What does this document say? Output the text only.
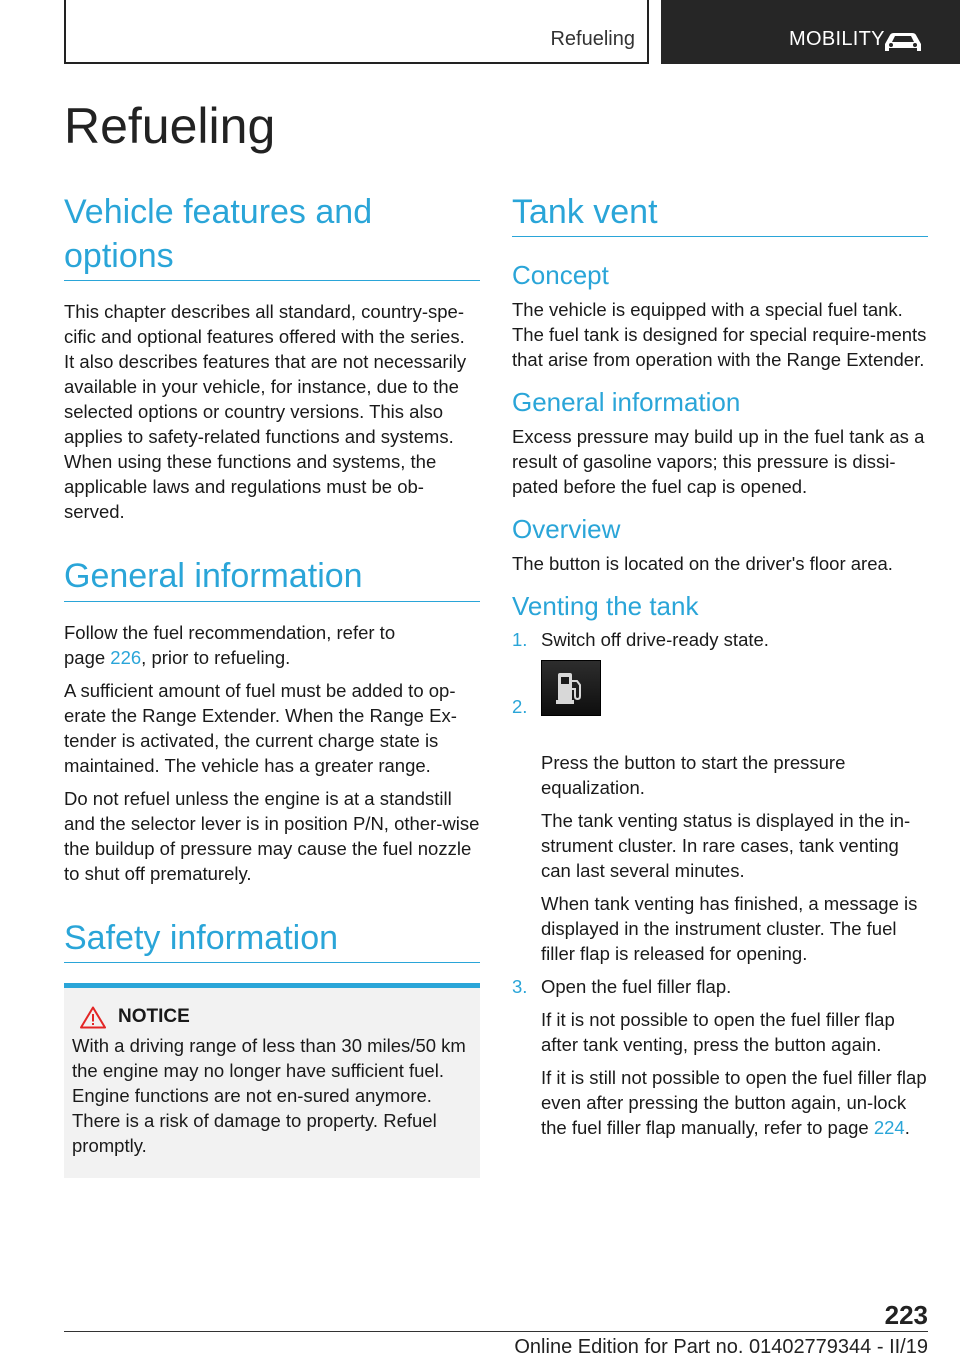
Refueling	MOBILITY
Refueling
Vehicle features and options

This chapter describes all standard, country-spe-cific and optional features offered with the series. It also describes features that are not necessarily available in your vehicle, for instance, due to the selected options or country versions. This also applies to safety-related functions and systems. When using these functions and systems, the applicable laws and regulations must be ob-served.

General information

Follow the fuel recommendation, refer to page 226, prior to refueling.

A sufficient amount of fuel must be added to op-erate the Range Extender. When the Range Ex-tender is activated, the current charge state is maintained. The vehicle has a greater range.

Do not refuel unless the engine is at a standstill and the selector lever is in position P/N, other-wise the buildup of pressure may cause the fuel nozzle to shut off prematurely.

Safety information
NOTICE

With a driving range of less than 30 miles/50 km the engine may no longer have sufficient fuel. Engine functions are not en-sured anymore. There is a risk of damage to property. Refuel promptly.

Tank vent
Concept

The vehicle is equipped with a special fuel tank. The fuel tank is designed for special require-ments that arise from operation with the Range Extender.

General information

Excess pressure may build up in the fuel tank as a result of gasoline vapors; this pressure is dissi-pated before the fuel cap is opened.

Overview

The button is located on the driver's floor area.

Venting the tank
1. Switch off drive-ready state.

2.

Press the button to start the pressure equalization.

The tank venting status is displayed in the in-strument cluster. In rare cases, tank venting can last several minutes.

When tank venting has finished, a message is displayed in the instrument cluster. The fuel filler flap is released for opening.

3. Open the fuel filler flap.

If it is not possible to open the fuel filler flap after tank venting, press the button again.

If it is still not possible to open the fuel filler flap even after pressing the button again, un-lock the fuel filler flap manually, refer to page 224.

223
Online Edition for Part no. 01402779344 - II/19
